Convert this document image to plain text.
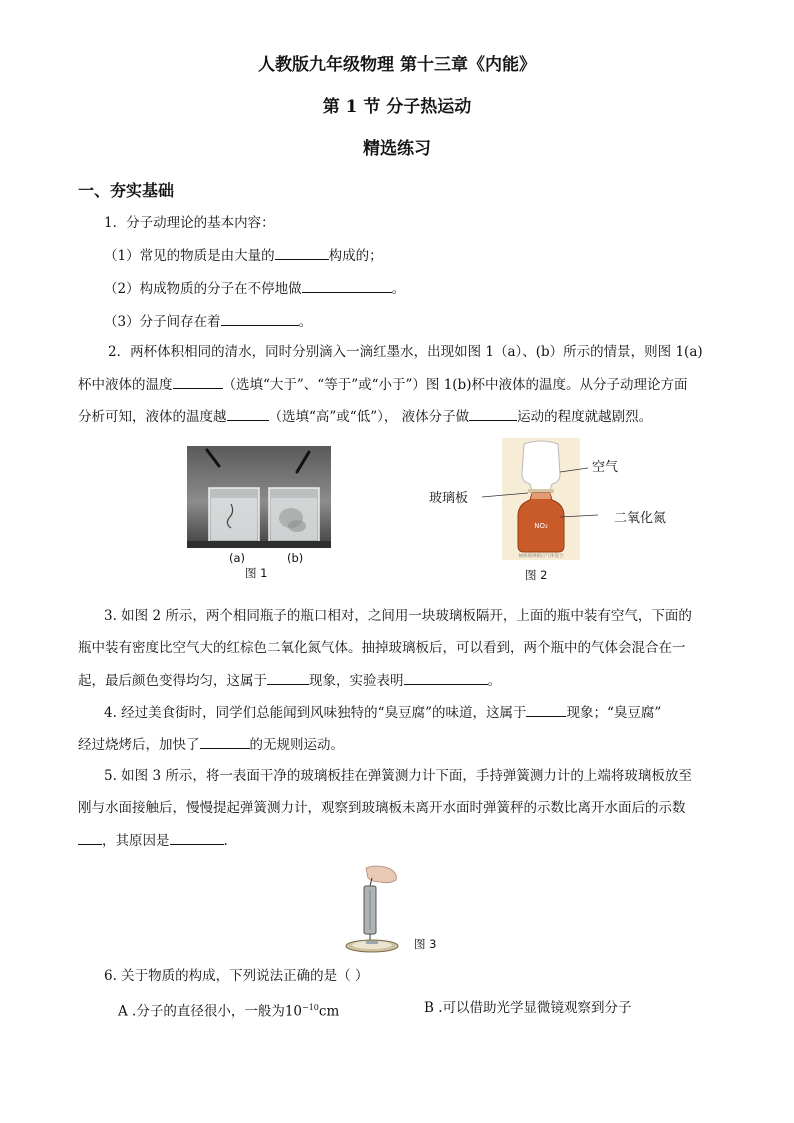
人教版九年级物理 第十三章《内能》
第 1 节 分子热运动
精选练习
一、夯实基础
1．分子动理论的基本内容：
（1）常见的物质是由大量的	构成的；
（2）构成物质的分子在不停地做	。
（3）分子间存在着	。
2．两杯体积相同的清水，同时分别滴入一滴红墨水，出现如图 1（a）、(b）所示的情景，则图 1(a)
杯中液体的温度	（选填“大于”、“等于”或“小于”）图 1(b)杯中液体的温度。从分子动理论方面
分析可知，液体的温度越	（选填“高”或“低”）， 液体分子做	运动的程度就越剧烈。
(a)	(b)
图 1
NO₂
抽掉玻璃板后气体混合
空气
玻璃板
二氧化氮
图 2
3. 如图 2 所示，两个相同瓶子的瓶口相对，之间用一块玻璃板隔开，上面的瓶中装有空气，下面的
瓶中装有密度比空气大的红棕色二氧化氮气体。抽掉玻璃板后，可以看到，两个瓶中的气体会混合在一
起，最后颜色变得均匀，这属于	现象，实验表明	。
4. 经过美食街时，同学们总能闻到风味独特的“臭豆腐”的味道，这属于	现象；“臭豆腐”
经过烧烤后，加快了	的无规则运动。
5. 如图 3 所示，将一表面干净的玻璃板挂在弹簧测力计下面，手持弹簧测力计的上端将玻璃板放至
刚与水面接触后，慢慢提起弹簧测力计，观察到玻璃板未离开水面时弹簧秤的示数比离开水面后的示数
，其原因是	.
图 3
6. 关于物质的构成，下列说法正确的是（ ）
A .分子的直径很小，一般为$10^{-10}cm$	B .可以借助光学显微镜观察到分子
